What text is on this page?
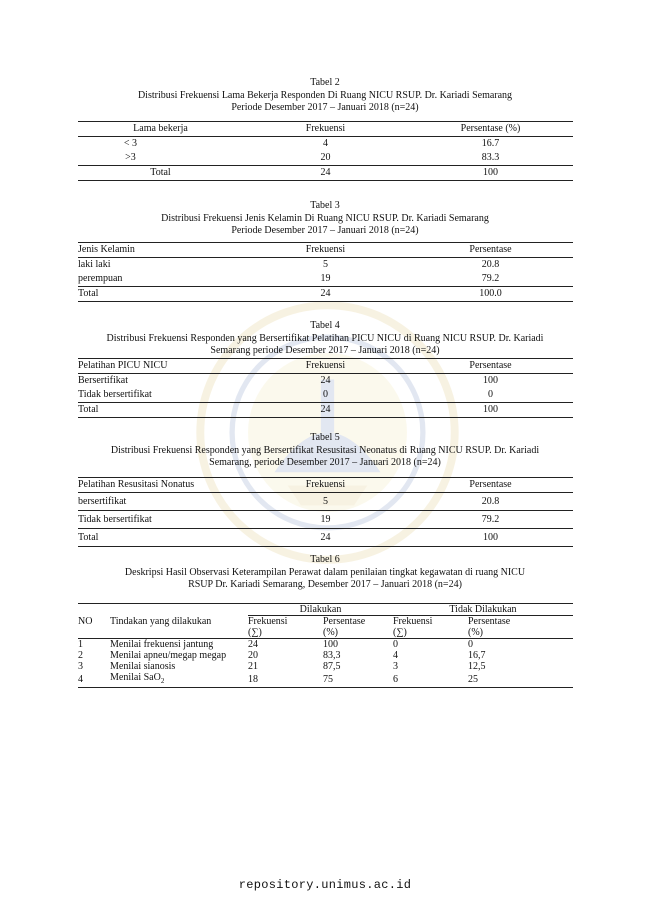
Tabel 2
Distribusi Frekuensi Lama Bekerja Responden Di Ruang NICU RSUP. Dr. Kariadi Semarang
Periode Desember 2017 – Januari 2018 (n=24)
Lama bekerja	Frekuensi	Persentase (%)
< 3	4	16.7
>3	20	83.3
Total	24	100
Tabel 3
Distribusi Frekuensi Jenis Kelamin Di Ruang NICU RSUP. Dr. Kariadi Semarang
Periode Desember 2017 – Januari 2018 (n=24)
Jenis Kelamin	Frekuensi	Persentase
laki laki	5	20.8
perempuan	19	79.2
Total	24	100.0
Tabel 4
Distribusi Frekuensi Responden yang Bersertifikat Pelatihan PICU NICU di Ruang NICU RSUP. Dr. Kariadi
Semarang periode Desember 2017 – Januari 2018 (n=24)
Pelatihan PICU NICU	Frekuensi	Persentase
Bersertifikat	24	100
Tidak bersertifikat	0	0
Total	24	100
Tabel 5
Distribusi Frekuensi Responden yang Bersertifikat Resusitasi Neonatus di Ruang NICU RSUP. Dr. Kariadi
Semarang, periode Desember 2017 – Januari 2018 (n=24)
Pelatihan Resusitasi Nonatus	Frekuensi	Persentase
bersertifikat	5	20.8
Tidak bersertifikat	19	79.2
Total	24	100
Tabel 6
Deskripsi Hasil Observasi Keterampilan Perawat dalam penilaian tingkat kegawatan di ruang NICU
RSUP Dr. Kariadi Semarang, Desember 2017 – Januari 2018 (n=24)
NO	Tindakan yang dilakukan	Dilakukan		Tidak Dilakukan	
		Frekuensi	Persentase	Frekuensi	Persentase
		(∑)	(%)	(∑)	(%)
1	Menilai frekuensi jantung	24	100	0	0
2	Menilai apneu/megap megap	20	83,3	4	16,7
3	Menilai sianosis	21	87,5	3	12,5
4	Menilai SaO$_2$	18	75	6	25
repository.unimus.ac.id
